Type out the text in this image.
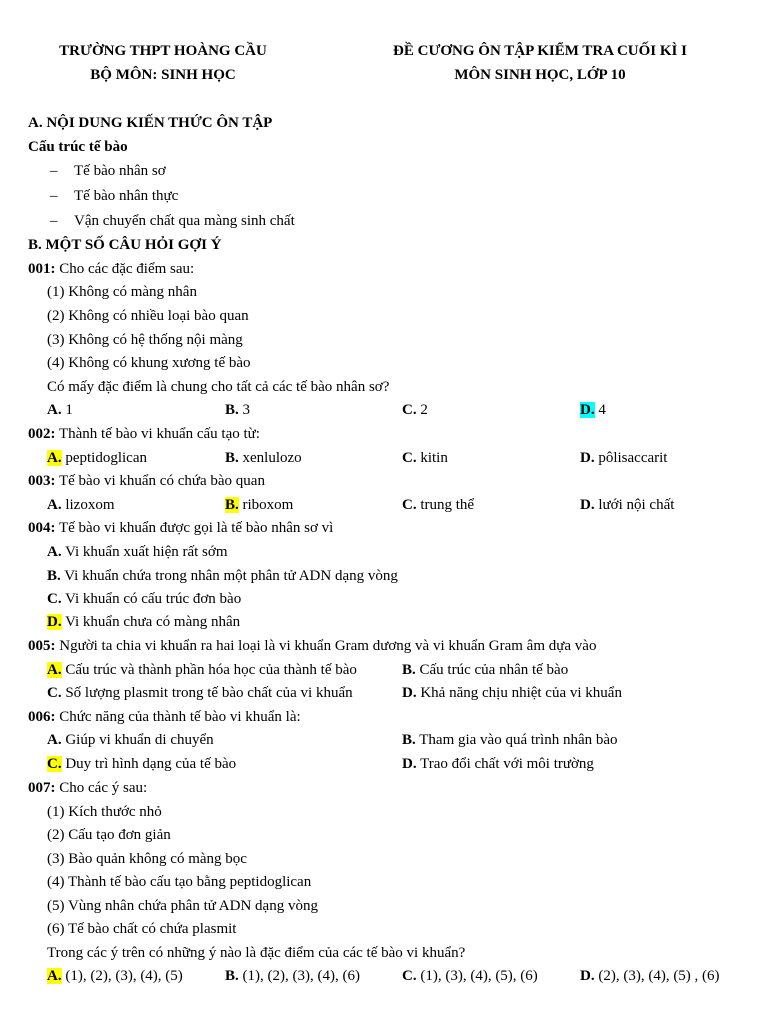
TRƯỜNG THPT HOÀNG CẦU
BỘ MÔN: SINH HỌC
ĐỀ CƯƠNG ÔN TẬP KIỂM TRA CUỐI KÌ I
MÔN SINH HỌC, LỚP 10
A. NỘI DUNG KIẾN THỨC ÔN TẬP
Cấu trúc tế bào
– Tế bào nhân sơ
– Tế bào nhân thực
– Vận chuyển chất qua màng sinh chất
B. MỘT SỐ CÂU HỎI GỢI Ý
001: Cho các đặc điểm sau:
(1) Không có màng nhân
(2) Không có nhiều loại bào quan
(3) Không có hệ thống nội màng
(4) Không có khung xương tế bào
Có mấy đặc điểm là chung cho tất cả các tế bào nhân sơ?
A. 1	B. 3	C. 2	D. 4
002: Thành tế bào vi khuẩn cấu tạo từ:
A. peptidoglican	B. xenlulozo	C. kitin	D. pôlisaccarit
003: Tế bào vi khuẩn có chứa bào quan
A. lizoxom	B. riboxom	C. trung thể	D. lưới nội chất
004: Tế bào vi khuẩn được gọi là tế bào nhân sơ vì
A. Vi khuẩn xuất hiện rất sớm
B. Vi khuẩn chứa trong nhân một phân tử ADN dạng vòng
C. Vi khuẩn có cấu trúc đơn bào
D. Vi khuẩn chưa có màng nhân
005: Người ta chia vi khuẩn ra hai loại là vi khuẩn Gram dương và vi khuẩn Gram âm dựa vào
A. Cấu trúc và thành phần hóa học của thành tế bào	B. Cấu trúc của nhân tế bào
C. Số lượng plasmit trong tế bào chất của vi khuẩn	D. Khả năng chịu nhiệt của vi khuẩn
006: Chức năng của thành tế bào vi khuẩn là:
A. Giúp vi khuẩn di chuyển	B. Tham gia vào quá trình nhân bào
C. Duy trì hình dạng của tế bào	D. Trao đổi chất với môi trường
007: Cho các ý sau:
(1) Kích thước nhỏ
(2) Cấu tạo đơn giản
(3) Bào quản không có màng bọc
(4) Thành tế bào cấu tạo bằng peptidoglican
(5) Vùng nhân chứa phân tử ADN dạng vòng
(6) Tế bào chất có chứa plasmit
Trong các ý trên có những ý nào là đặc điểm của các tế bào vi khuẩn?
A. (1), (2), (3), (4), (5)	B. (1), (2), (3), (4), (6)	C. (1), (3), (4), (5), (6)	D. (2), (3), (4), (5) , (6)
